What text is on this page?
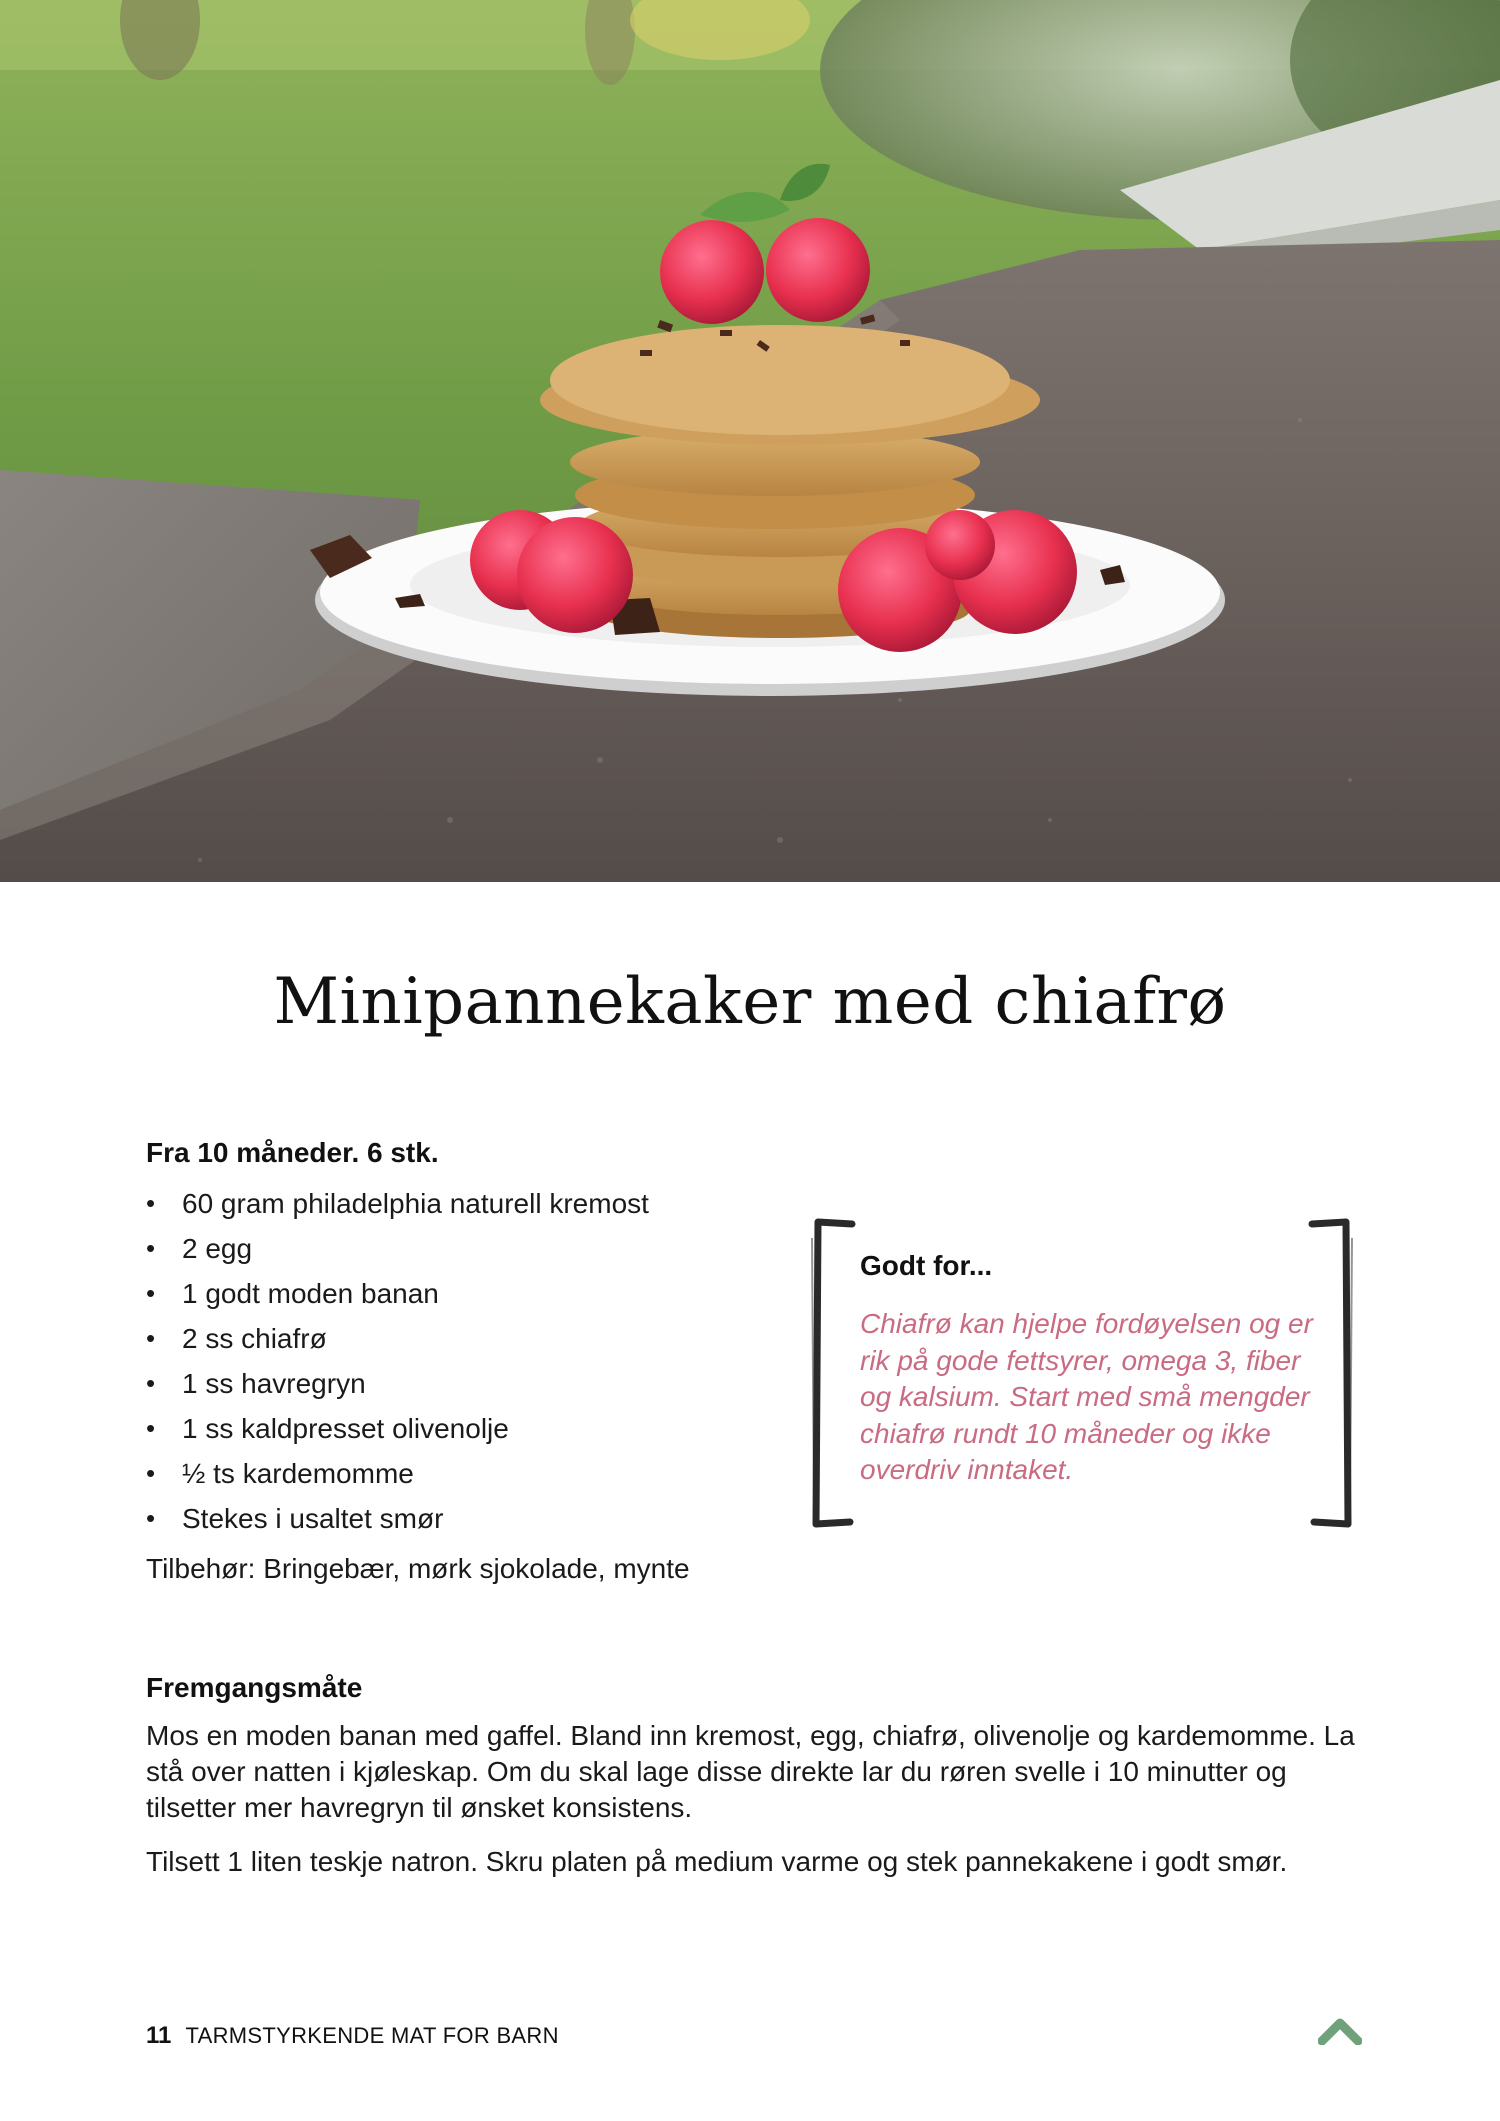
Minipannekaker med chiafrø
Fra 10 måneder. 6 stk.
• 60 gram philadelphia naturell kremost
• 2 egg
• 1 godt moden banan
• 2 ss chiafrø
• 1 ss havregryn
• 1 ss kaldpresset olivenolje
• ½ ts kardemomme
• Stekes i usaltet smør
Tilbehør: Bringebær, mørk sjokolade, mynte
Godt for...
Chiafrø kan hjelpe fordøyelsen og er rik på gode fettsyrer, omega 3, fiber og kalsium. Start med små mengder chiafrø rundt 10 måneder og ikke overdriv inntaket.
Fremgangsmåte

Mos en moden banan med gaffel. Bland inn kremost, egg, chiafrø, olivenolje og kardemomme. La stå over natten i kjøleskap. Om du skal lage disse direkte lar du røren svelle i 10 minutter og tilsetter mer havregryn til ønsket konsistens.

Tilsett 1 liten teskje natron. Skru platen på medium varme og stek pannekakene i godt smør.

11 TARMSTYRKENDE MAT FOR BARN
